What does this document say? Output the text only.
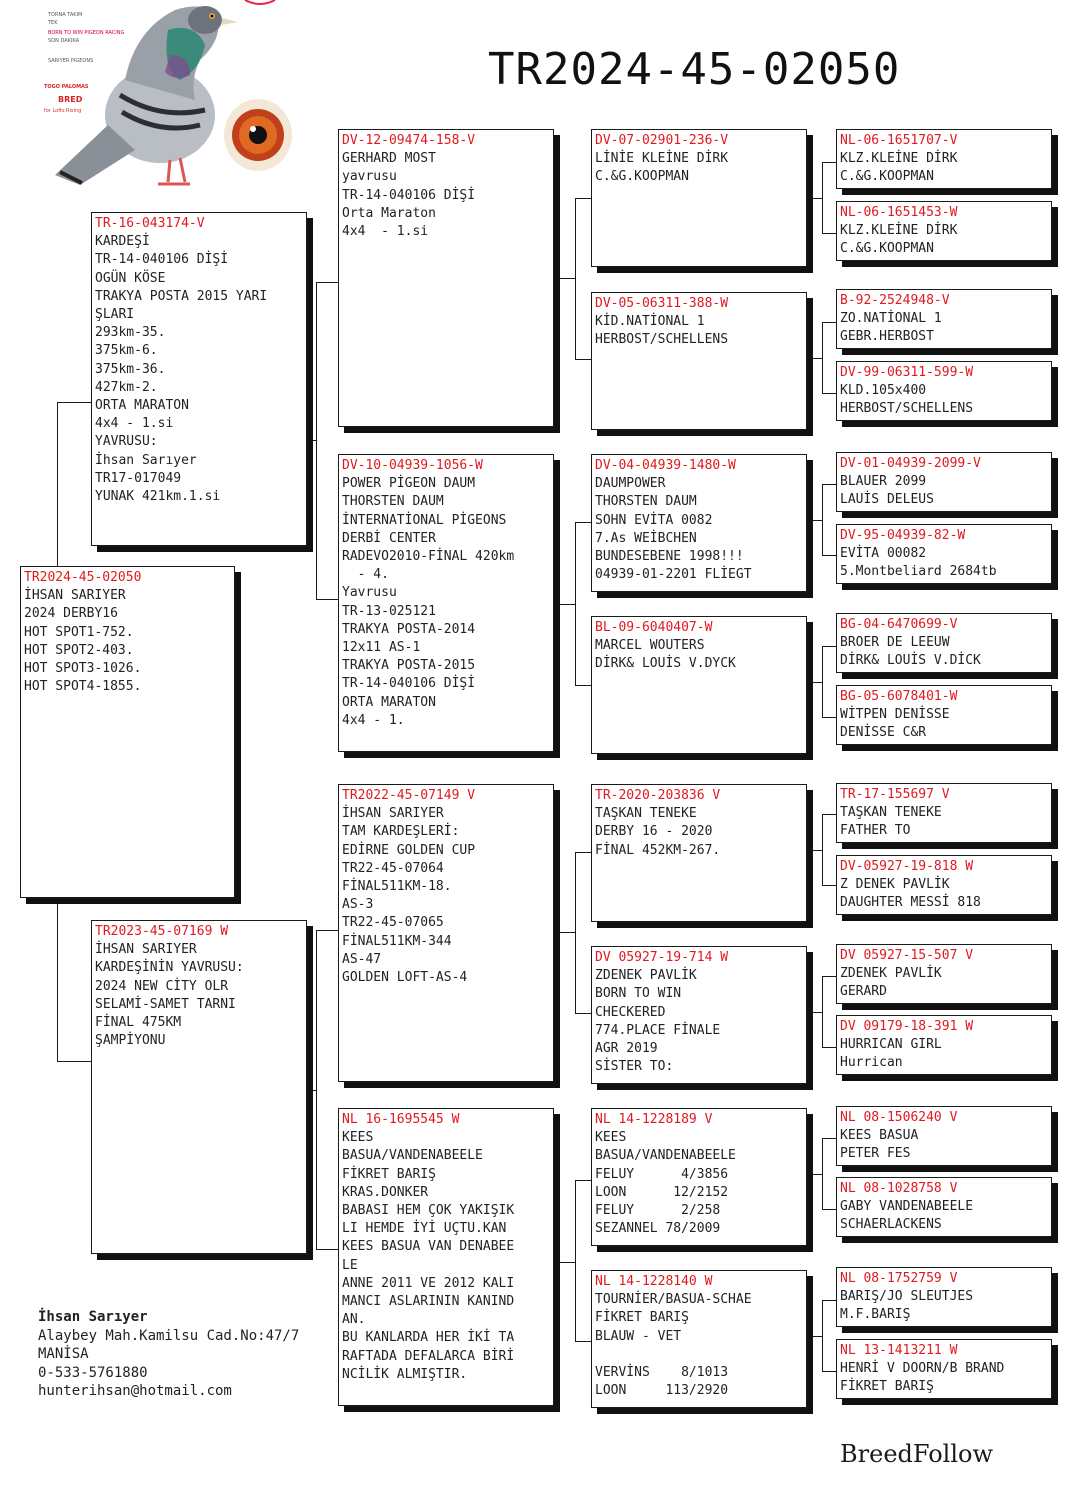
TORNA TAKIM
TEK
BORN TO WIN PIGEON RACING
SON DAKIKA
SARIYER PIGEONS
TOGO PALOMAS
BRED
for Lofts Rising
TR2024-45-02050
TR2024-45-02050
İHSAN SARIYER
2024 DERBY16
HOT SPOT1-752.
HOT SPOT2-403.
HOT SPOT3-1026.
HOT SPOT4-1855.
TR-16-043174-V
KARDEŞİ
TR-14-040106 DİŞİ
OGÜN KÖSE
TRAKYA POSTA 2015 YARI
ŞLARI
293km-35.
375km-6.
375km-36.
427km-2.
ORTA MARATON
4x4 - 1.si
YAVRUSU:
İhsan Sarıyer
TR17-017049
YUNAK 421km.1.si
TR2023-45-07169 W
İHSAN SARIYER
KARDEŞİNİN YAVRUSU:
2024 NEW CİTY OLR
SELAMİ-SAMET TARNI
FİNAL 475KM
ŞAMPİYONU
DV-12-09474-158-V
GERHARD MOST
yavrusu
TR-14-040106 DİŞİ
Orta Maraton
4x4  - 1.si
DV-10-04939-1056-W
POWER PİGEON DAUM
THORSTEN DAUM
İNTERNATİONAL PİGEONS
DERBİ CENTER
RADEVO2010-FİNAL 420km
- 4.
Yavrusu
TR-13-025121
TRAKYA POSTA-2014
12x11 AS-1
TRAKYA POSTA-2015
TR-14-040106 DİŞİ
ORTA MARATON
4x4 - 1.
TR2022-45-07149 V
İHSAN SARIYER
TAM KARDEŞLERİ:
EDİRNE GOLDEN CUP
TR22-45-07064
FİNAL511KM-18.
AS-3
TR22-45-07065
FİNAL511KM-344
AS-47
GOLDEN LOFT-AS-4
NL 16-1695545 W
KEES
BASUA/VANDENABEELE
FİKRET BARIŞ
KRAS.DONKER
BABASI HEM ÇOK YAKIŞIK
LI HEMDE İYİ UÇTU.KAN
KEES BASUA VAN DENABEE
LE
ANNE 2011 VE 2012 KALI
MANCI ASLARININ KANIND
AN.
BU KANLARDA HER İKİ TA
RAFTADA DEFALARCA BİRİ
NCİLİK ALMIŞTIR.
DV-07-02901-236-V
LİNİE KLEİNE DİRK
C.&G.KOOPMAN
DV-05-06311-388-W
KİD.NATİONAL 1
HERBOST/SCHELLENS
DV-04-04939-1480-W
DAUMPOWER
THORSTEN DAUM
SOHN EVİTA 0082
7.As WEİBCHEN
BUNDESEBENE 1998!!!
04939-01-2201 FLİEGT
BL-09-6040407-W
MARCEL WOUTERS
DİRK& LOUİS V.DYCK
TR-2020-203836 V
TAŞKAN TENEKE
DERBY 16 - 2020
FİNAL 452KM-267.
DV 05927-19-714 W
ZDENEK PAVLİK
BORN TO WIN
CHECKERED
774.PLACE FİNALE
AGR 2019
SİSTER TO:
NL 14-1228189 V
KEES
BASUA/VANDENABEELE
FELUY      4/3856
LOON      12/2152
FELUY      2/258
SEZANNEL 78/2009
NL 14-1228140 W
TOURNİER/BASUA-SCHAE
FİKRET BARIŞ
BLAUW - VET

VERVİNS    8/1013
LOON     113/2920
NL-06-1651707-V
KLZ.KLEİNE DİRK
C.&G.KOOPMAN
NL-06-1651453-W
KLZ.KLEİNE DİRK
C.&G.KOOPMAN
B-92-2524948-V
ZO.NATİONAL 1
GEBR.HERBOST
DV-99-06311-599-W
KLD.105x400
HERBOST/SCHELLENS
DV-01-04939-2099-V
BLAUER 2099
LAUİS DELEUS
DV-95-04939-82-W
EVİTA 00082
5.Montbeliard 2684tb
BG-04-6470699-V
BROER DE LEEUW
DİRK& LOUİS V.DİCK
BG-05-6078401-W
WİTPEN DENİSSE
DENİSSE C&R
TR-17-155697 V
TAŞKAN TENEKE
FATHER TO
DV-05927-19-818 W
Z DENEK PAVLİK
DAUGHTER MESSİ 818
DV 05927-15-507 V
ZDENEK PAVLİK
GERARD
DV 09179-18-391 W
HURRICAN GIRL
Hurrican
NL 08-1506240 V
KEES BASUA
PETER FES
NL 08-1028758 V
GABY VANDENABEELE
SCHAERLACKENS
NL 08-1752759 V
BARIŞ/JO SLEUTJES
M.F.BARIŞ
NL 13-1413211 W
HENRİ V DOORN/B BRAND
FİKRET BARIŞ
İhsan Sarıyer
Alaybey Mah.Kamilsu Cad.No:47/7
MANİSA
0-533-5761880
hunterihsan@hotmail.com
BreedFollow
